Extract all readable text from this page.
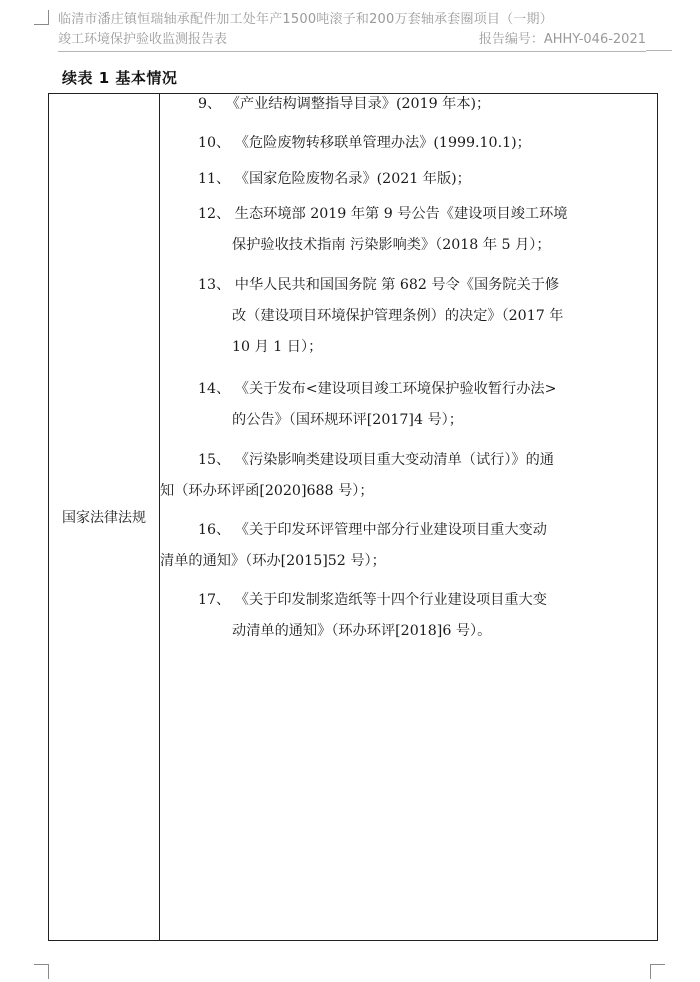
临清市潘庄镇恒瑞轴承配件加工处年产1500吨滚子和200万套轴承套圈项目（一期）
竣工环境保护验收监测报告表	报告编号：AHHY-046-2021
续表 1 基本情况
国家法律法规
9、 《产业结构调整指导目录》(2019 年本)；
10、 《危险废物转移联单管理办法》(1999.10.1)；
11、 《国家危险废物名录》(2021 年版)；
12、 生态环境部 2019 年第 9 号公告《建设项目竣工环境
保护验收技术指南 污染影响类》（2018 年 5 月）；
13、 中华人民共和国国务院 第 682 号令《国务院关于修
改（建设项目环境保护管理条例）的决定》（2017 年
10 月 1 日）；
14、 《关于发布<建设项目竣工环境保护验收暂行办法>
的公告》（国环规环评[2017]4 号）；
15、 《污染影响类建设项目重大变动清单（试行）》的通
知（环办环评函[2020]688 号）；
16、 《关于印发环评管理中部分行业建设项目重大变动
清单的通知》（环办[2015]52 号）；
17、 《关于印发制浆造纸等十四个行业建设项目重大变
动清单的通知》（环办环评[2018]6 号）。
